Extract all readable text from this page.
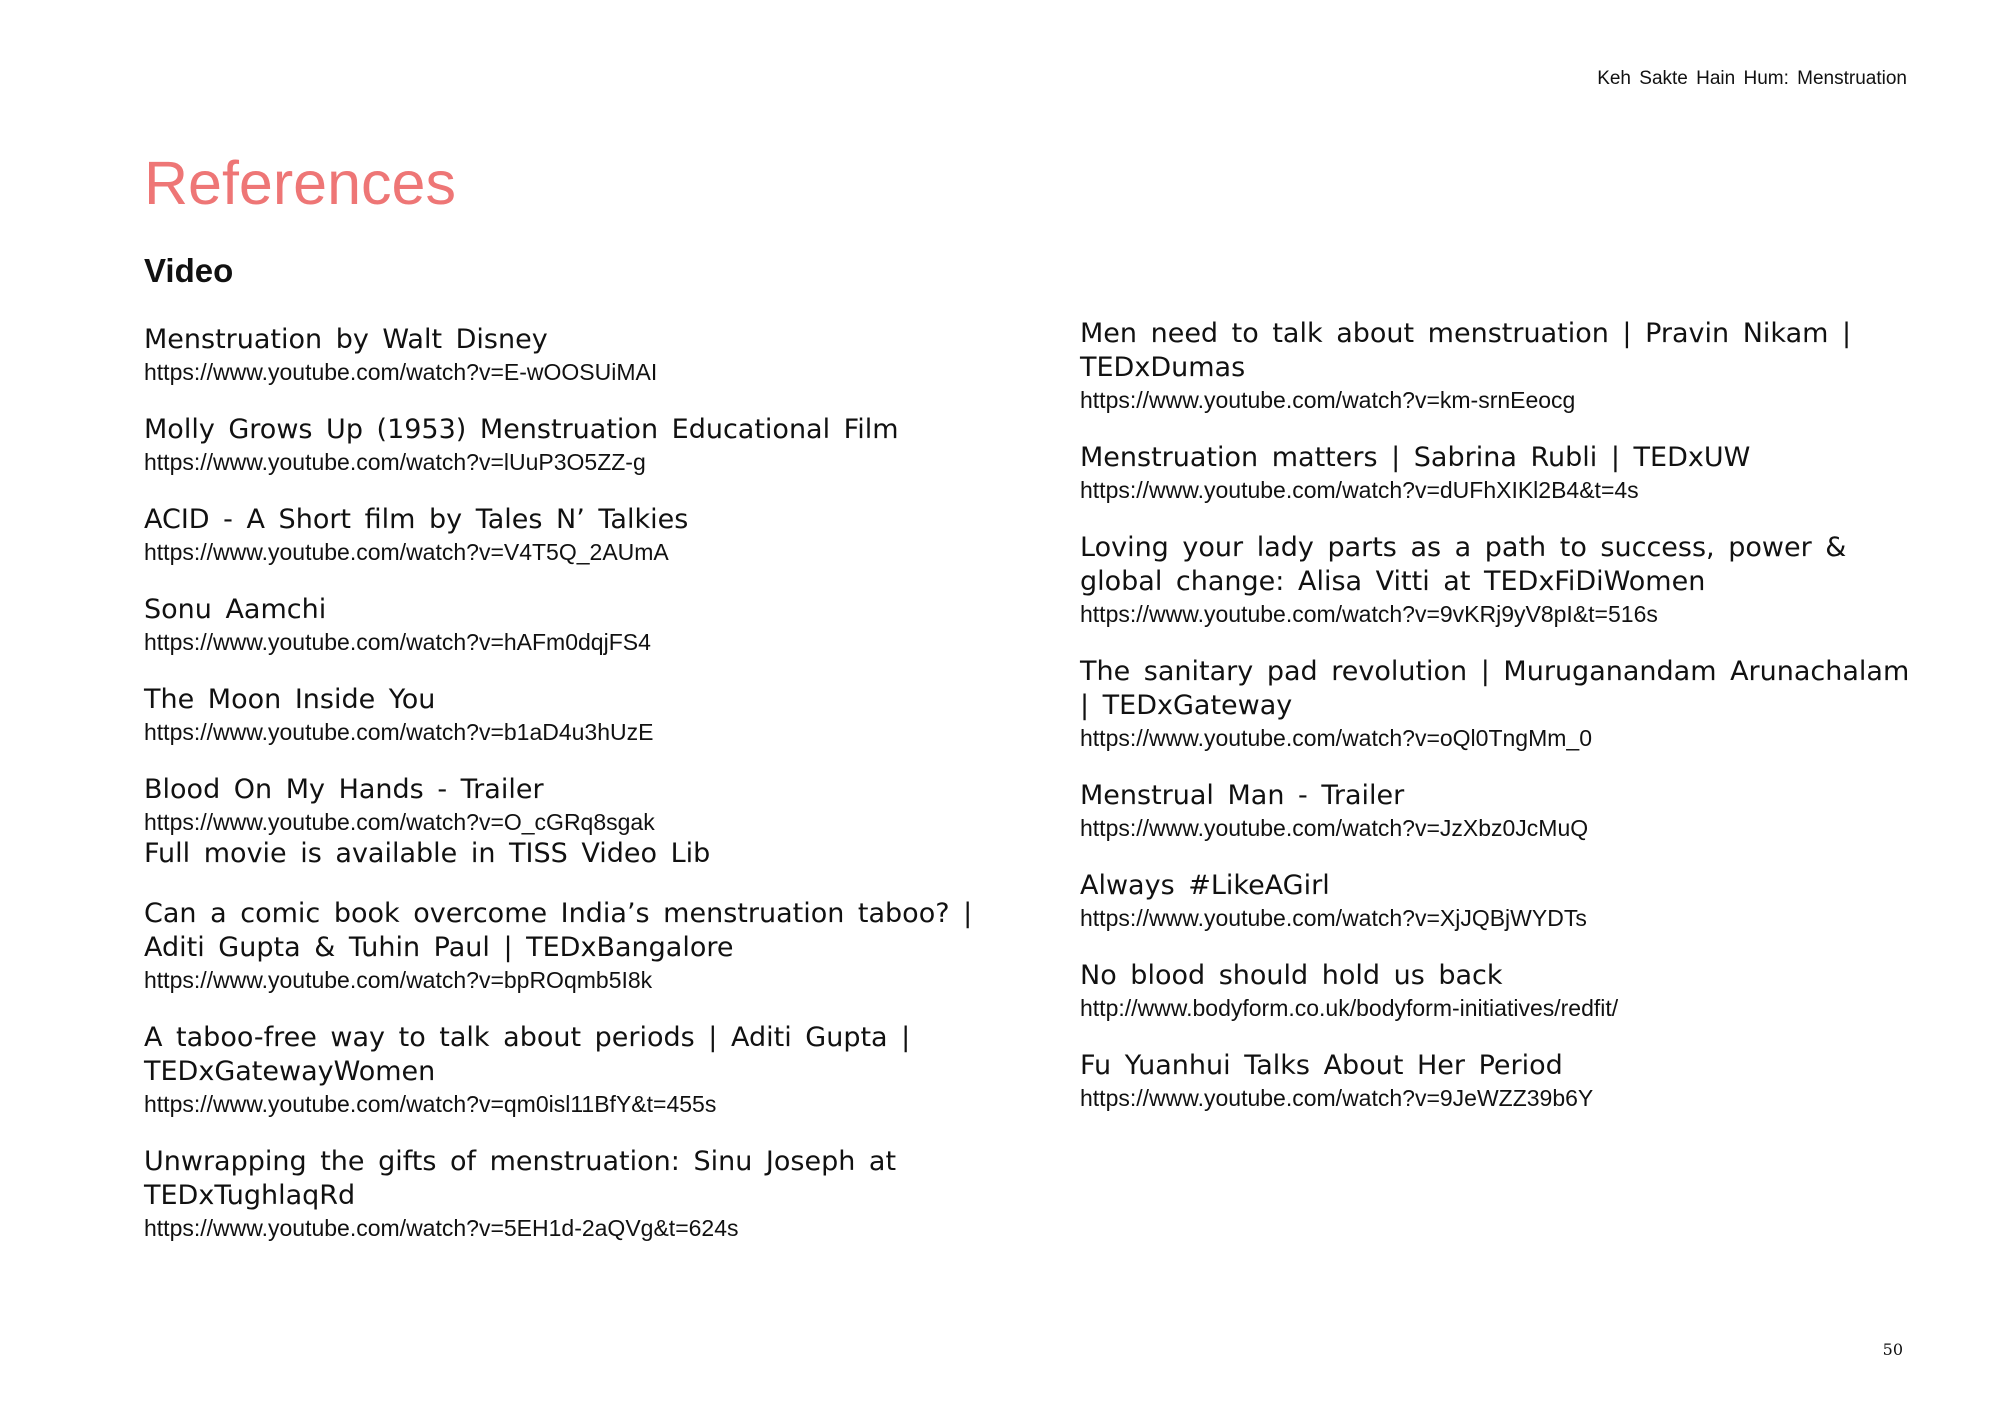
Keh Sakte Hain Hum: Menstruation
References
Video
Menstruation by Walt Disney
https://www.youtube.com/watch?v=E-wOOSUiMAI
Molly Grows Up (1953) Menstruation Educational Film
https://www.youtube.com/watch?v=lUuP3O5ZZ-g
ACID - A Short film by Tales N’ Talkies
https://www.youtube.com/watch?v=V4T5Q_2AUmA
Sonu Aamchi
https://www.youtube.com/watch?v=hAFm0dqjFS4
The Moon Inside You
https://www.youtube.com/watch?v=b1aD4u3hUzE
Blood On My Hands - Trailer
https://www.youtube.com/watch?v=O_cGRq8sgak
Full movie is available in TISS Video Lib
Can a comic book overcome India’s menstruation taboo? | Aditi Gupta & Tuhin Paul | TEDxBangalore
https://www.youtube.com/watch?v=bpROqmb5I8k
A taboo-free way to talk about periods | Aditi Gupta | TEDxGatewayWomen
https://www.youtube.com/watch?v=qm0isl11BfY&t=455s
Unwrapping the gifts of menstruation: Sinu Joseph at TEDxTughlaqRd
https://www.youtube.com/watch?v=5EH1d-2aQVg&t=624s
Men need to talk about menstruation | Pravin Nikam | TEDxDumas
https://www.youtube.com/watch?v=km-srnEeocg
Menstruation matters | Sabrina Rubli | TEDxUW
https://www.youtube.com/watch?v=dUFhXIKl2B4&t=4s
Loving your lady parts as a path to success, power & global change: Alisa Vitti at TEDxFiDiWomen
https://www.youtube.com/watch?v=9vKRj9yV8pI&t=516s
The sanitary pad revolution | Muruganandam Arunachalam | TEDxGateway
https://www.youtube.com/watch?v=oQl0TngMm_0
Menstrual Man - Trailer
https://www.youtube.com/watch?v=JzXbz0JcMuQ
Always #LikeAGirl
https://www.youtube.com/watch?v=XjJQBjWYDTs
No blood should hold us back
http://www.bodyform.co.uk/bodyform-initiatives/redfit/
Fu Yuanhui Talks About Her Period
https://www.youtube.com/watch?v=9JeWZZ39b6Y
50
